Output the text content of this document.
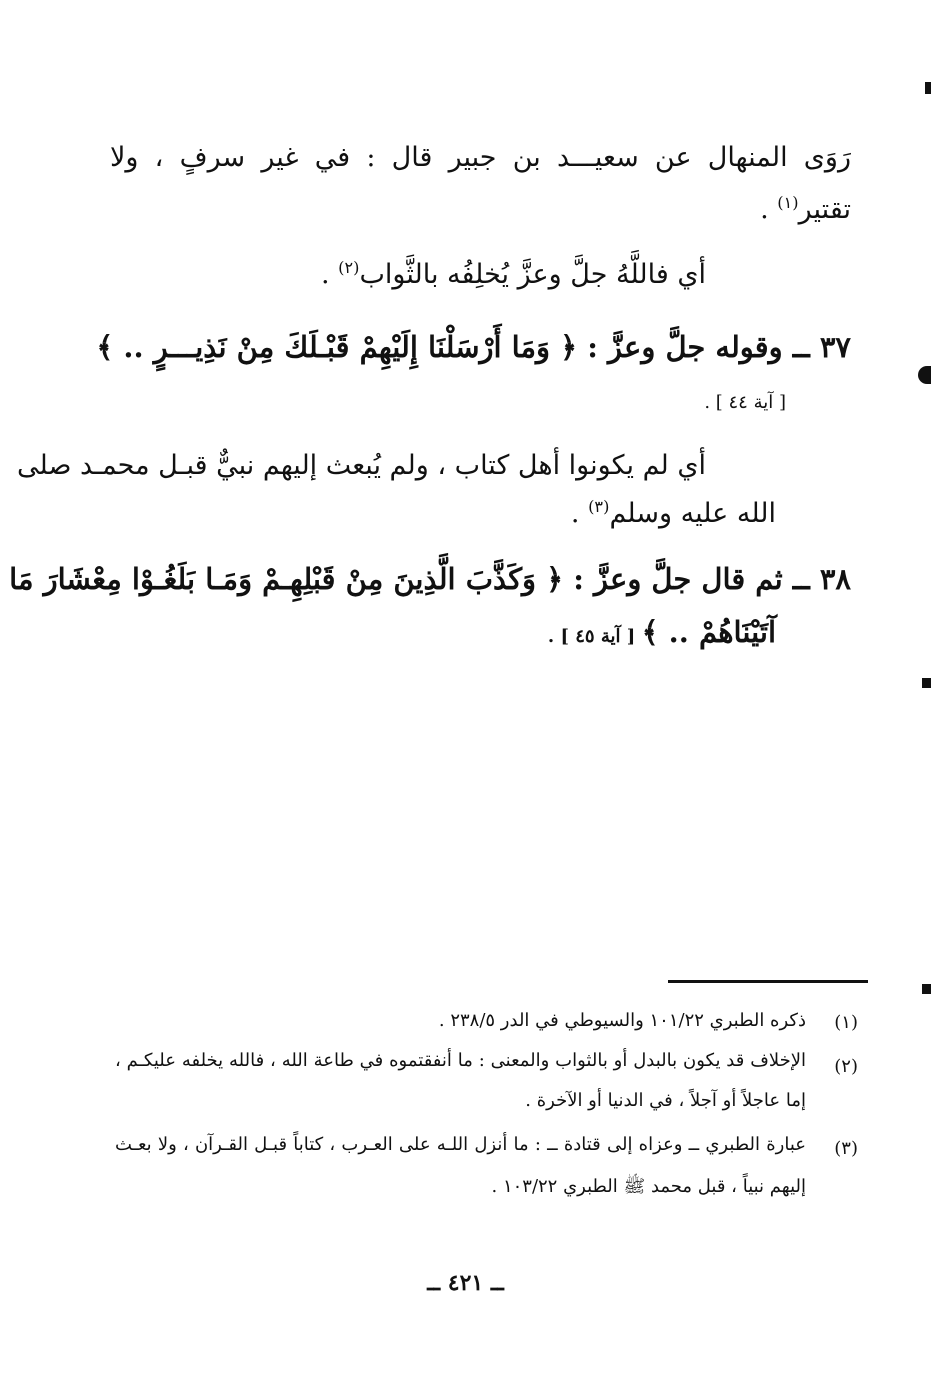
رَوَى المنهال عن سعيـــد بن جبير قال : في غير سرفٍ ، ولا
تقتير$^{(١)}$ .
أي فاللَّهُ جلَّ وعزَّ يُخلِفُه بالثَّواب$^{(٢)}$ .
٣٧ ــ وقوله جلَّ وعزَّ : ﴿ وَمَا أَرْسَلْنَا إِلَيْهِمْ قَبْـلَكَ مِنْ نَذِيـــرٍ .. ﴾
[ آية ٤٤ ] .
أي لم يكونوا أهل كتاب ، ولم يُبعث إليهم نبيٌّ قبـل محمـد صلى
الله عليه وسلم$^{(٣)}$ .
٣٨ ــ ثم قال جلَّ وعزَّ : ﴿ وَكَذَّبَ الَّذِينَ مِنْ قَبْلِهِـمْ وَمَـا بَلَغُـوْا مِعْشَارَ مَا
آتَيْنَاهُمْ .. ﴾ [ آية ٤٥ ] .
(١)
ذكره الطبري ١٠١/٢٢ والسيوطي في الدر ٢٣٨/٥ .
(٢)
الإخلاف قد يكون بالبدل أو بالثواب والمعنى : ما أنفقتموه في طاعة الله ، فالله يخلفه عليكـم ،
إما عاجلاً أو آجلاً ، في الدنيا أو الآخرة .
(٣)
عبارة الطبري ــ وعزاه إلى قتادة ــ : ما أنزل اللـه على العـرب ، كتاباً قبـل القـرآن ، ولا بعـث
إليهم نبياً ، قبل محمد ﷺ الطبري ١٠٣/٢٢ .
ــ ٤٢١ ــ
